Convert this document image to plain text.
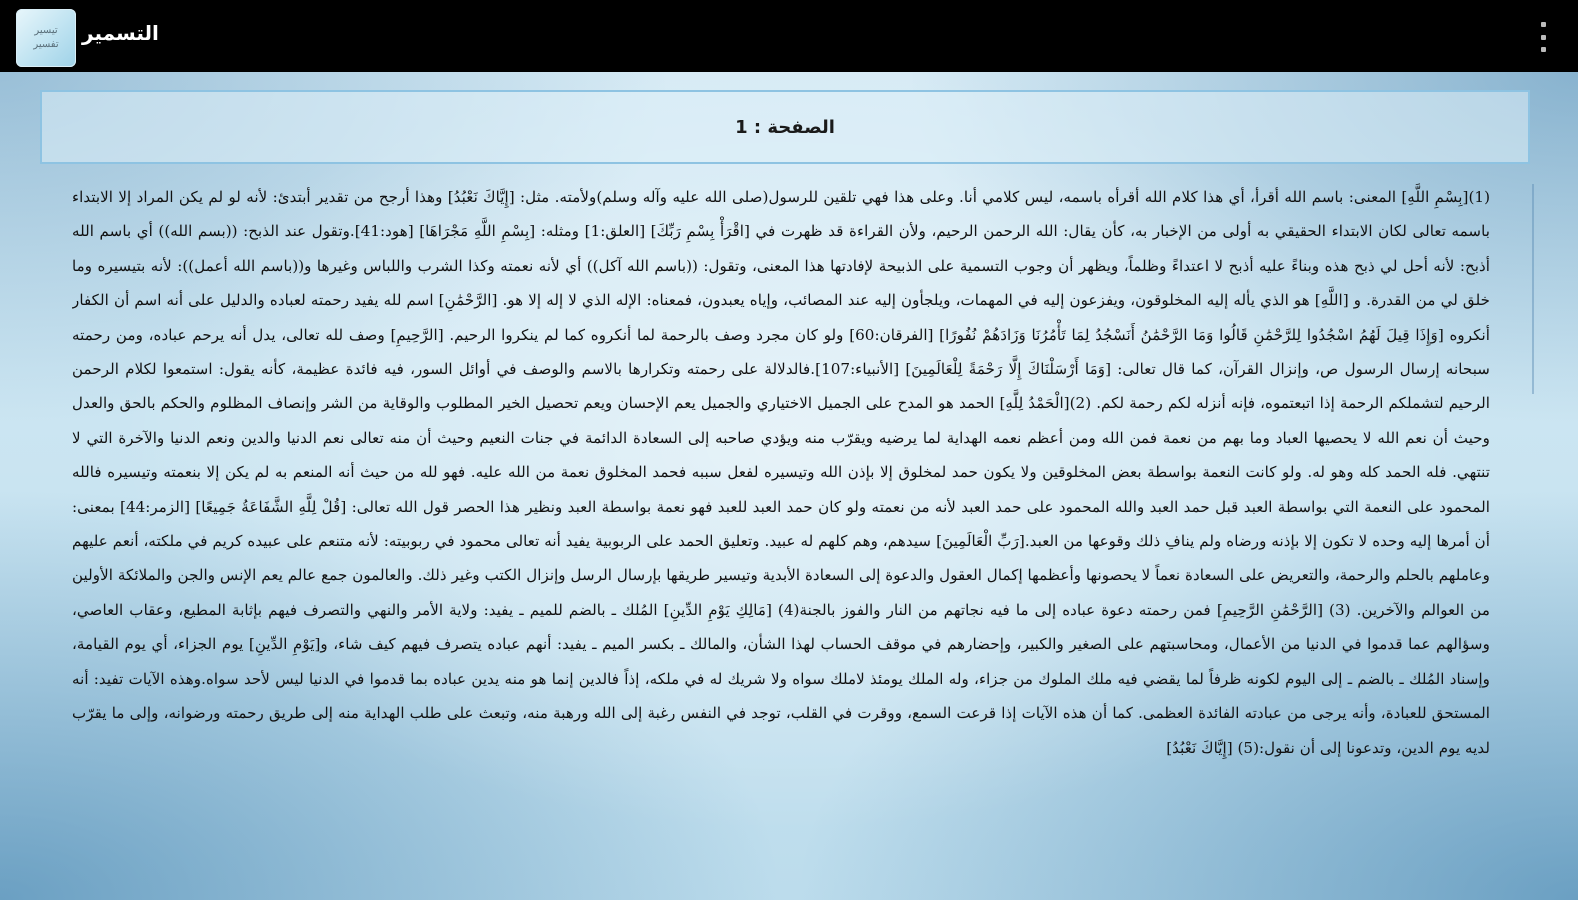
تيسير
تفسير التسمير
الصفحة : 1

(1)[بِسْمِ اللَّهِ] المعنى: باسم الله أقرأ، أي هذا كلام الله أقرأه باسمه، ليس كلامي أنا. وعلى هذا فهي تلقين للرسول(صلى الله عليه وآله وسلم)ولأمته. مثل: [إِيَّاكَ نَعْبُدُ] وهذا أرجح من تقدير أبتدئ: لأنه لو لم يكن المراد إلا الابتداء باسمه تعالى لكان الابتداء الحقيقي به أولى من الإخبار به، كأن يقال: الله الرحمن الرحيم، ولأن القراءة قد ظهرت في [اقْرَأْ بِسْمِ رَبِّكَ] [العلق:1] ومثله: [بِسْمِ اللَّهِ مَجْرَاهَا] [هود:41].وتقول عند الذبح: ((بسم الله)) أي باسم الله أذبح: لأنه أحل لي ذبح هذه وبناءً عليه أذبح لا اعتداءً وظلماً، ويظهر أن وجوب التسمية على الذبيحة لإفادتها هذا المعنى، وتقول: ((باسم الله آكل)) أي لأنه نعمته وكذا الشرب واللباس وغيرها و((باسم الله أعمل)): لأنه بتيسيره وما خلق لي من القدرة. و [اللَّهِ] هو الذي يأله إليه المخلوقون، ويفزعون إليه في المهمات، ويلجأون إليه عند المصائب، وإياه يعبدون، فمعناه: الإله الذي لا إله إلا هو. [الرَّحْمَٰنِ] اسم لله يفيد رحمته لعباده والدليل على أنه اسم أن الكفار أنكروه [وَإِذَا قِيلَ لَهُمُ اسْجُدُوا لِلرَّحْمَٰنِ قَالُوا وَمَا الرَّحْمَٰنُ أَنَسْجُدُ لِمَا تَأْمُرُنَا وَزَادَهُمْ نُفُورًا] [الفرقان:60] ولو كان مجرد وصف بالرحمة لما أنكروه كما لم ينكروا الرحيم. [الرَّحِيمِ] وصف لله تعالى، يدل أنه يرحم عباده، ومن رحمته سبحانه إرسال الرسول ص، وإنزال القرآن، كما قال تعالى: [وَمَا أَرْسَلْنَاكَ إِلَّا رَحْمَةً لِلْعَالَمِينَ] [الأنبياء:107].فالدلالة على رحمته وتكرارها بالاسم والوصف في أوائل السور، فيه فائدة عظيمة، كأنه يقول: استمعوا لكلام الرحمن الرحيم لتشملكم الرحمة إذا اتبعتموه، فإنه أنزله لكم رحمة لكم. (2)[الْحَمْدُ لِلَّهِ] الحمد هو المدح على الجميل الاختياري والجميل يعم الإحسان ويعم تحصيل الخير المطلوب والوقاية من الشر وإنصاف المظلوم والحكم بالحق والعدل وحيث أن نعم الله لا يحصيها العباد وما بهم من نعمة فمن الله ومن أعظم نعمه الهداية لما يرضيه ويقرّب منه ويؤدي صاحبه إلى السعادة الدائمة في جنات النعيم وحيث أن منه تعالى نعم الدنيا والدين ونعم الدنيا والآخرة التي لا تنتهي. فله الحمد كله وهو له. ولو كانت النعمة بواسطة بعض المخلوقين ولا يكون حمد لمخلوق إلا بإذن الله وتيسيره لفعل سببه فحمد المخلوق نعمة من الله عليه. فهو لله من حيث أنه المنعم به لم يكن إلا بنعمته وتيسيره فالله المحمود على النعمة التي بواسطة العبد قبل حمد العبد والله المحمود على حمد العبد لأنه من نعمته ولو كان حمد العبد للعبد فهو نعمة بواسطة العبد ونظير هذا الحصر قول الله تعالى: [قُلْ لِلَّهِ الشَّفَاعَةُ جَمِيعًا] [الزمر:44] بمعنى: أن أمرها إليه وحده لا تكون إلا بإذنه ورضاه ولم ينافِ ذلك وقوعها من العبد.[رَبِّ الْعَالَمِينَ] سيدهم، وهم كلهم له عبيد. وتعليق الحمد على الربوبية يفيد أنه تعالى محمود في ربوبيته: لأنه متنعم على عبيده كريم في ملكته، أنعم عليهم وعاملهم بالحلم والرحمة، والتعريض على السعادة نعماً لا يحصونها وأعظمها إكمال العقول والدعوة إلى السعادة الأبدية وتيسير طريقها بإرسال الرسل وإنزال الكتب وغير ذلك. والعالمون جمع عالم يعم الإنس والجن والملائكة الأولين من العوالم والآخرين. (3) [الرَّحْمَٰنِ الرَّحِيمِ] فمن رحمته دعوة عباده إلى ما فيه نجاتهم من النار والفوز بالجنة(4) [مَالِكِ يَوْمِ الدِّينِ] المُلك ـ بالضم للميم ـ يفيد: ولاية الأمر والنهي والتصرف فيهم بإثابة المطيع، وعقاب العاصي، وسؤالهم عما قدموا في الدنيا من الأعمال، ومحاسبتهم على الصغير والكبير، وإحضارهم في موقف الحساب لهذا الشأن، والمالك ـ بكسر الميم ـ يفيد: أنهم عباده يتصرف فيهم كيف شاء، و[يَوْمِ الدِّينِ] يوم الجزاء، أي يوم القيامة، وإسناد المُلك ـ بالضم ـ إلى اليوم لكونه ظرفاً لما يقضي فيه ملك الملوك من جزاء، وله الملك يومئذ لاملك سواه ولا شريك له في ملكه، إذاً فالدين إنما هو منه يدين عباده بما قدموا في الدنيا ليس لأحد سواه.وهذه الآيات تفيد: أنه المستحق للعبادة، وأنه يرجى من عبادته الفائدة العظمى. كما أن هذه الآيات إذا قرعت السمع، ووقرت في القلب، توجد في النفس رغبة إلى الله ورهبة منه، وتبعث على طلب الهداية منه إلى طريق رحمته ورضوانه، وإلى ما يقرّب لديه يوم الدين، وتدعونا إلى أن نقول:(5) [إِيَّاكَ نَعْبُدُ]
